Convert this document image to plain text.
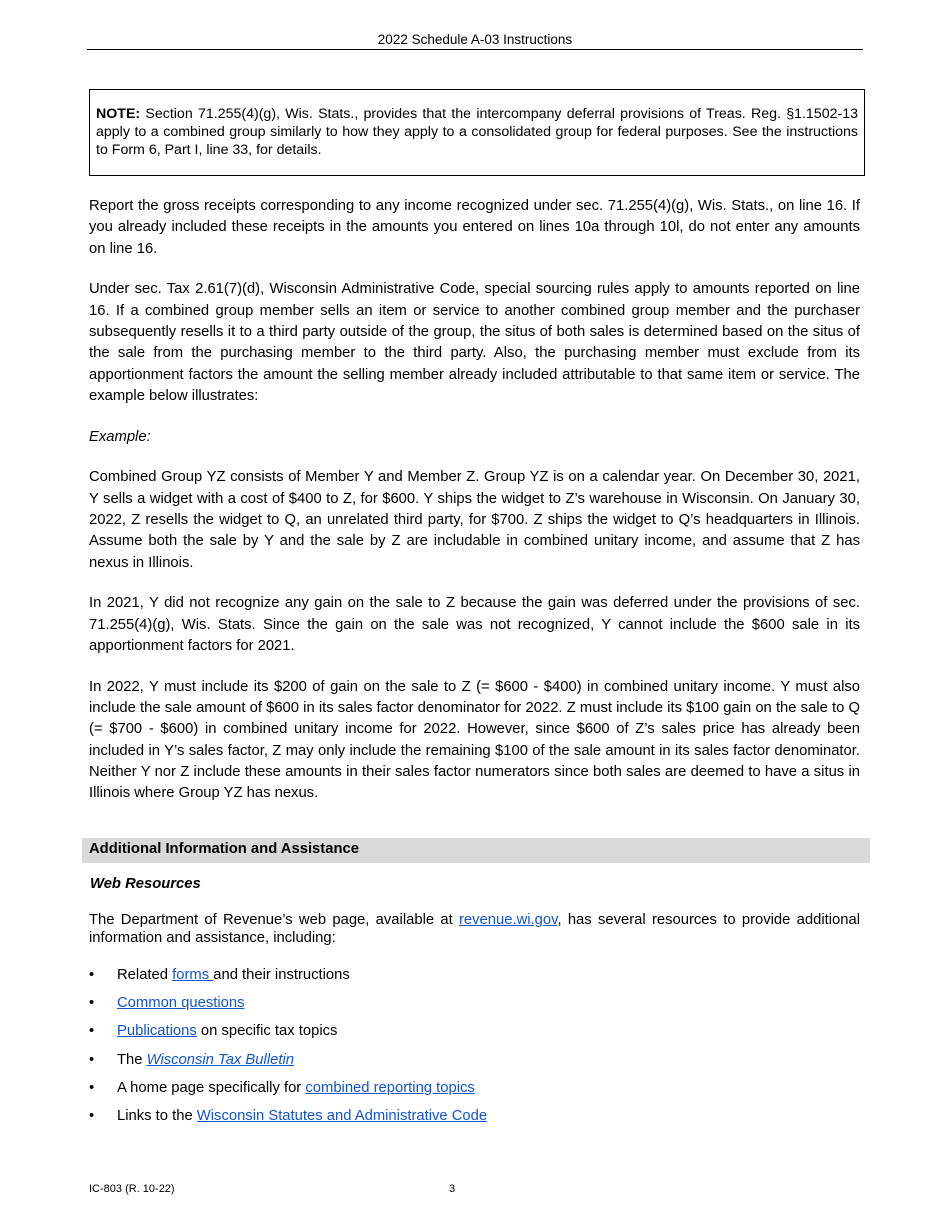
2022 Schedule A-03 Instructions
NOTE: Section 71.255(4)(g), Wis. Stats., provides that the intercompany deferral provisions of Treas. Reg. §1.1502-13 apply to a combined group similarly to how they apply to a consolidated group for federal purposes. See the instructions to Form 6, Part I, line 33, for details.

Report the gross receipts corresponding to any income recognized under sec. 71.255(4)(g), Wis. Stats., on line 16. If you already included these receipts in the amounts you entered on lines 10a through 10l, do not enter any amounts on line 16.

Under sec. Tax 2.61(7)(d), Wisconsin Administrative Code, special sourcing rules apply to amounts reported on line 16. If a combined group member sells an item or service to another combined group member and the purchaser subsequently resells it to a third party outside of the group, the situs of both sales is determined based on the situs of the sale from the purchasing member to the third party. Also, the purchasing member must exclude from its apportionment factors the amount the selling member already included attributable to that same item or service. The example below illustrates:

Example:

Combined Group YZ consists of Member Y and Member Z. Group YZ is on a calendar year. On December 30, 2021, Y sells a widget with a cost of $400 to Z, for $600. Y ships the widget to Z’s warehouse in Wisconsin. On January 30, 2022, Z resells the widget to Q, an unrelated third party, for $700. Z ships the widget to Q’s headquarters in Illinois. Assume both the sale by Y and the sale by Z are includable in combined unitary income, and assume that Z has nexus in Illinois.

In 2021, Y did not recognize any gain on the sale to Z because the gain was deferred under the provisions of sec. 71.255(4)(g), Wis. Stats. Since the gain on the sale was not recognized, Y cannot include the $600 sale in its apportionment factors for 2021.

In 2022, Y must include its $200 of gain on the sale to Z (= $600 - $400) in combined unitary income. Y must also include the sale amount of $600 in its sales factor denominator for 2022. Z must include its $100 gain on the sale to Q (= $700 - $600) in combined unitary income for 2022. However, since $600 of Z’s sales price has already been included in Y’s sales factor, Z may only include the remaining $100 of the sale amount in its sales factor denominator. Neither Y nor Z include these amounts in their sales factor numerators since both sales are deemed to have a situs in Illinois where Group YZ has nexus.

Additional Information and Assistance
Web Resources
The Department of Revenue’s web page, available at revenue.wi.gov, has several resources to provide additional information and assistance, including:
• Related forms and their instructions
• Common questions
• Publications on specific tax topics
• The Wisconsin Tax Bulletin
• A home page specifically for combined reporting topics
• Links to the Wisconsin Statutes and Administrative Code
IC-803 (R. 10-22)	3
